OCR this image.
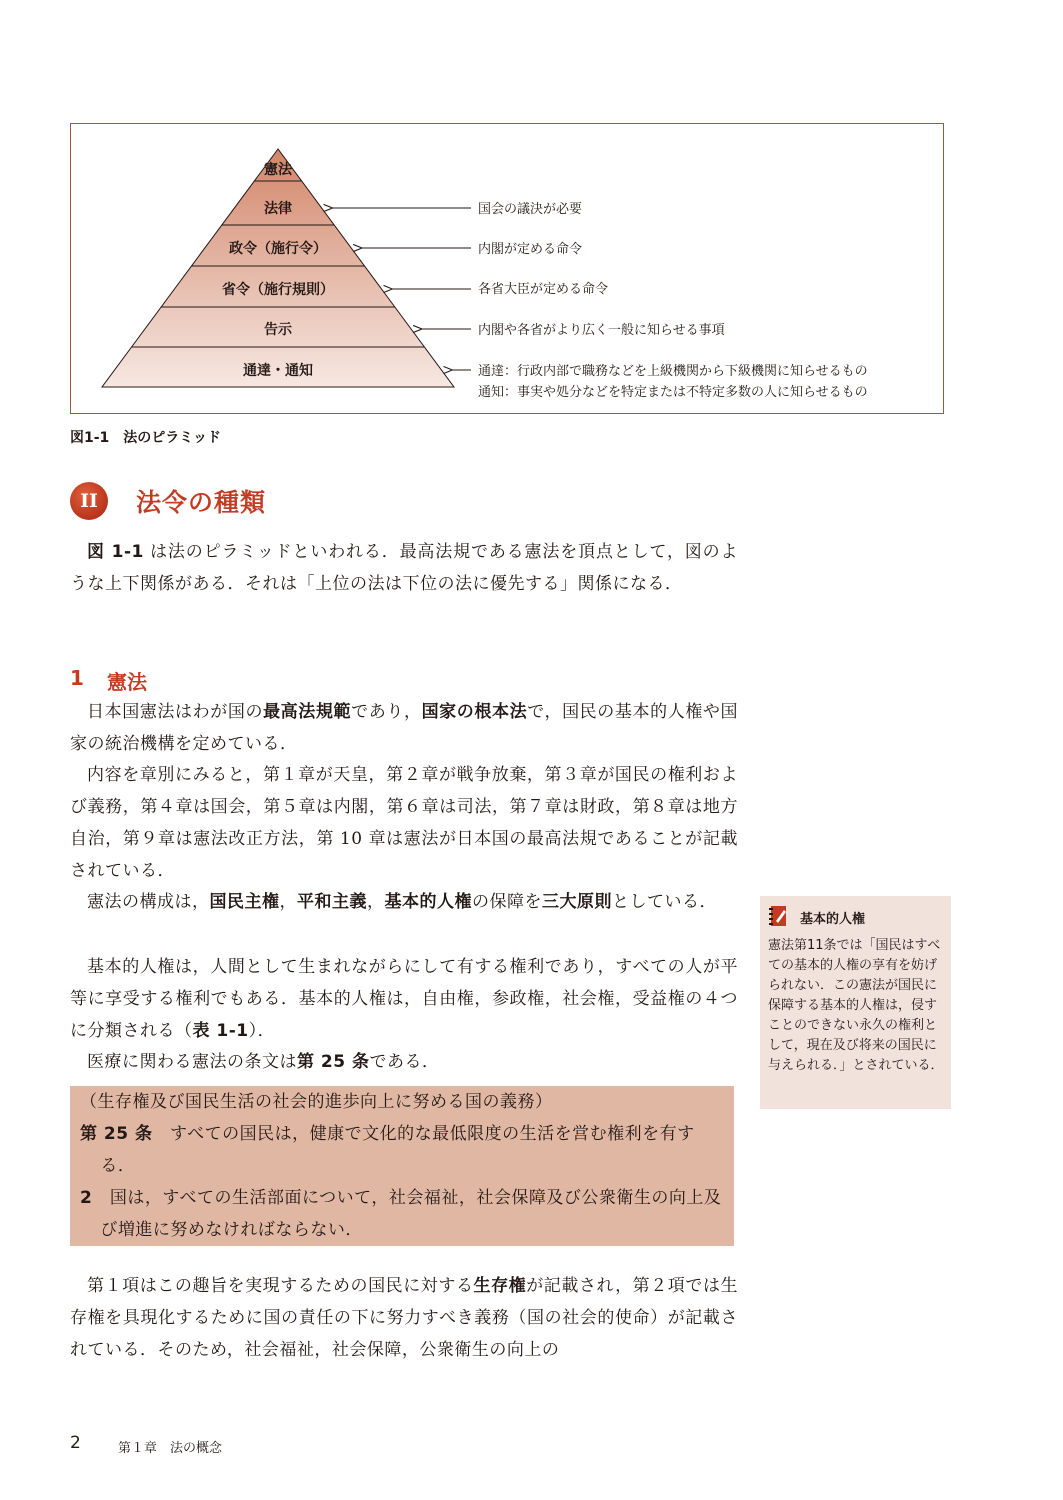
憲法
法律
政令（施行令）
省令（施行規則）
告示
通達・通知
国会の議決が必要
内閣が定める命令
各省大臣が定める命令
内閣や各省がより広く一般に知らせる事項
通達：行政内部で職務などを上級機関から下級機関に知らせるもの
通知：事実や処分などを特定または不特定多数の人に知らせるもの
図1-1　法のピラミッド
II	法令の種類
図 1-1 は法のピラミッドといわれる．最高法規である憲法を頂点として，図のような上下関係がある．それは「上位の法は下位の法に優先する」関係になる．
1 憲法
日本国憲法はわが国の最高法規範であり，国家の根本法で，国民の基本的人権や国家の統治機構を定めている．
内容を章別にみると，第１章が天皇，第２章が戦争放棄，第３章が国民の権利および義務，第４章は国会，第５章は内閣，第６章は司法，第７章は財政，第８章は地方自治，第９章は憲法改正方法，第 10 章は憲法が日本国の最高法規であることが記載されている．
憲法の構成は，国民主権，平和主義，基本的人権の保障を三大原則としている．
基本的人権は，人間として生まれながらにして有する権利であり，すべての人が平等に享受する権利でもある．基本的人権は，自由権，参政権，社会権，受益権の４つに分類される（表 1-1）．
医療に関わる憲法の条文は第 25 条である．
（生存権及び国民生活の社会的進歩向上に努める国の義務）
第 25 条　すべての国民は，健康で文化的な最低限度の生活を営む権利を有する．
2　国は，すべての生活部面について，社会福祉，社会保障及び公衆衛生の向上及び増進に努めなければならない．
第１項はこの趣旨を実現するための国民に対する生存権が記載され，第２項では生存権を具現化するために国の責任の下に努力すべき義務（国の社会的使命）が記載されている．そのため，社会福祉，社会保障，公衆衛生の向上の
基本的人権
憲法第11条では「国民はすべての基本的人権の享有を妨げられない．この憲法が国民に保障する基本的人権は，侵すことのできない永久の権利として，現在及び将来の国民に与えられる．」とされている．
2	第１章　法の概念
